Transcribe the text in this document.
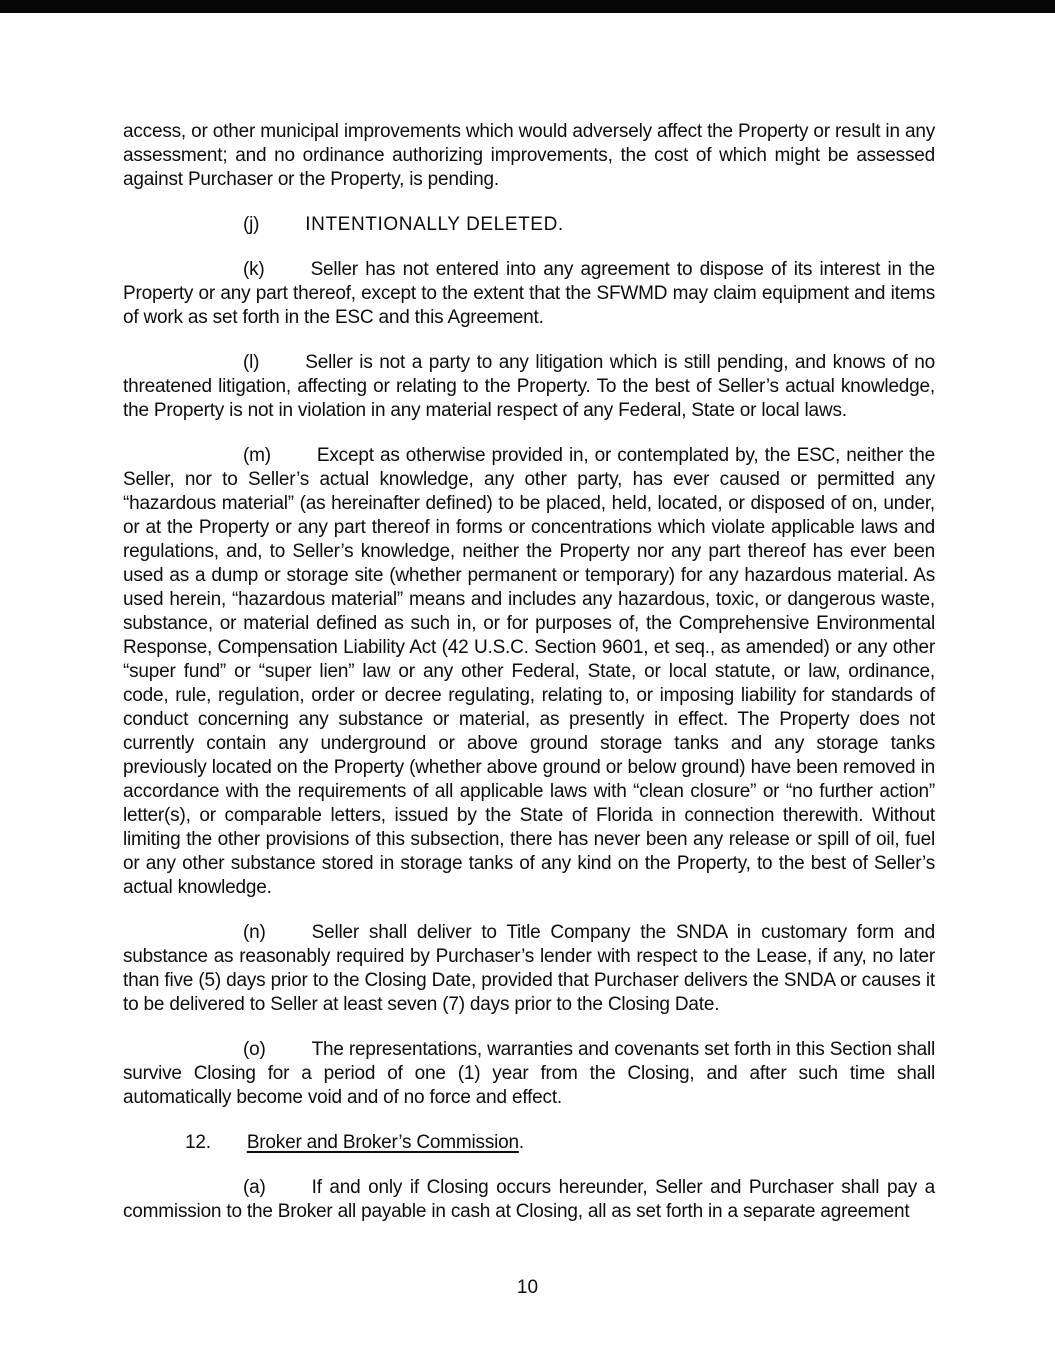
access, or other municipal improvements which would adversely affect the Property or result in any assessment; and no ordinance authorizing improvements, the cost of which might be assessed against Purchaser or the Property, is pending.

(j) INTENTIONALLY DELETED.

(k) Seller has not entered into any agreement to dispose of its interest in the Property or any part thereof, except to the extent that the SFWMD may claim equipment and items of work as set forth in the ESC and this Agreement.

(l) Seller is not a party to any litigation which is still pending, and knows of no threatened litigation, affecting or relating to the Property. To the best of Seller’s actual knowledge, the Property is not in violation in any material respect of any Federal, State or local laws.

(m) Except as otherwise provided in, or contemplated by, the ESC, neither the Seller, nor to Seller’s actual knowledge, any other party, has ever caused or permitted any “hazardous material” (as hereinafter defined) to be placed, held, located, or disposed of on, under, or at the Property or any part thereof in forms or concentrations which violate applicable laws and regulations, and, to Seller’s knowledge, neither the Property nor any part thereof has ever been used as a dump or storage site (whether permanent or temporary) for any hazardous material. As used herein, “hazardous material” means and includes any hazardous, toxic, or dangerous waste, substance, or material defined as such in, or for purposes of, the Comprehensive Environmental Response, Compensation Liability Act (42 U.S.C. Section 9601, et seq., as amended) or any other “super fund” or “super lien” law or any other Federal, State, or local statute, or law, ordinance, code, rule, regulation, order or decree regulating, relating to, or imposing liability for standards of conduct concerning any substance or material, as presently in effect. The Property does not currently contain any underground or above ground storage tanks and any storage tanks previously located on the Property (whether above ground or below ground) have been removed in accordance with the requirements of all applicable laws with “clean closure” or “no further action” letter(s), or comparable letters, issued by the State of Florida in connection therewith. Without limiting the other provisions of this subsection, there has never been any release or spill of oil, fuel or any other substance stored in storage tanks of any kind on the Property, to the best of Seller’s actual knowledge.

(n) Seller shall deliver to Title Company the SNDA in customary form and substance as reasonably required by Purchaser’s lender with respect to the Lease, if any, no later than five (5) days prior to the Closing Date, provided that Purchaser delivers the SNDA or causes it to be delivered to Seller at least seven (7) days prior to the Closing Date.

(o) The representations, warranties and covenants set forth in this Section shall survive Closing for a period of one (1) year from the Closing, and after such time shall automatically become void and of no force and effect.

12. Broker and Broker’s Commission.

(a) If and only if Closing occurs hereunder, Seller and Purchaser shall pay a commission to the Broker all payable in cash at Closing, all as set forth in a separate agreement

10
